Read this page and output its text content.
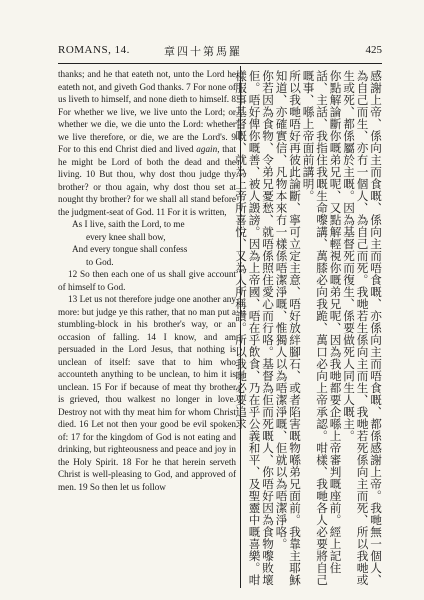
ROMANS, 14.	章四十第馬羅	425

thanks; and he that eateth not, unto the Lord he eateth not, and giveth God thanks. 7 For none of us liveth to himself, and none dieth to himself. 8 For whether we live, we live unto the Lord; or whether we die, we die unto the Lord: whether we live therefore, or die, we are the Lord's. 9 For to this end Christ died and lived again, that he might be Lord of both the dead and the living. 10 But thou, why dost thou judge thy brother? or thou again, why dost thou set at nought thy brother? for we shall all stand before the judgment-seat of God. 11 For it is written,

As I live, saith the Lord, to me

every knee shall bow,

And every tongue shall confess

to God.

12 So then each one of us shall give account of himself to God.

13 Let us not therefore judge one another any more: but judge ye this rather, that no man put a stumbling-block in his brother's way, or an occasion of falling. 14 I know, and am persuaded in the Lord Jesus, that nothing is unclean of itself: save that to him who accounteth anything to be unclean, to him it is unclean. 15 For if because of meat thy brother is grieved, thou walkest no longer in love. Destroy not with thy meat him for whom Christ died. 16 Let not then your good be evil spoken of: 17 for the kingdom of God is not eating and drinking, but righteousness and peace and joy in the Holy Spirit. 18 For he that herein serveth Christ is well-pleasing to God, and approved of men. 19 So then let us follow	感謝上帝、係向主而食嘅、係向主而唔食嘅、亦係向主而唔食嘅、都係感謝上帝。我哋無一個人、為自己而生、亦冇一個人、為自己而死。我哋若生係向主而生、我哋若死係向主而死、所以我哋或生或死、都係屬於主嘅。因為基督死而復生、係要做死人同生人嘅主。

你點解論斷你嘅弟兄呢、又點解輕視你嘅弟兄呢、因為我哋都要企喺上帝審判嘅座前。經上記住話、主話、我指住我嘅生命嚟講、萬膝必向我跪、萬口必向上帝承認。咁樣、我哋各人必要將自己嘅事、喺上帝面前講明。

所以我哋唔好再彼此論斷、寧可立定主意、唔好放絆腳石、或者陷害嘅物喺弟兄面前。我靠主耶穌知道、亦確實信、凡物本來冇一樣係唔潔淨嘅、惟獨人以為唔潔淨嘅、佢就以為唔潔淨咯。

你若因為食物、令弟兄憂愁、就唔係照住愛心而行咯。基督為佢而死嘅人、你唔好因為食物嚟敗壞佢。唔好俾你嘅善、被人譭謗。因為上帝國、唔在乎飲食、乃在乎公義和平、及聖靈中嘅喜樂。咁樣服事基督嘅、就為上帝所喜悅、又為人所稱讚。所以我哋必要追求
